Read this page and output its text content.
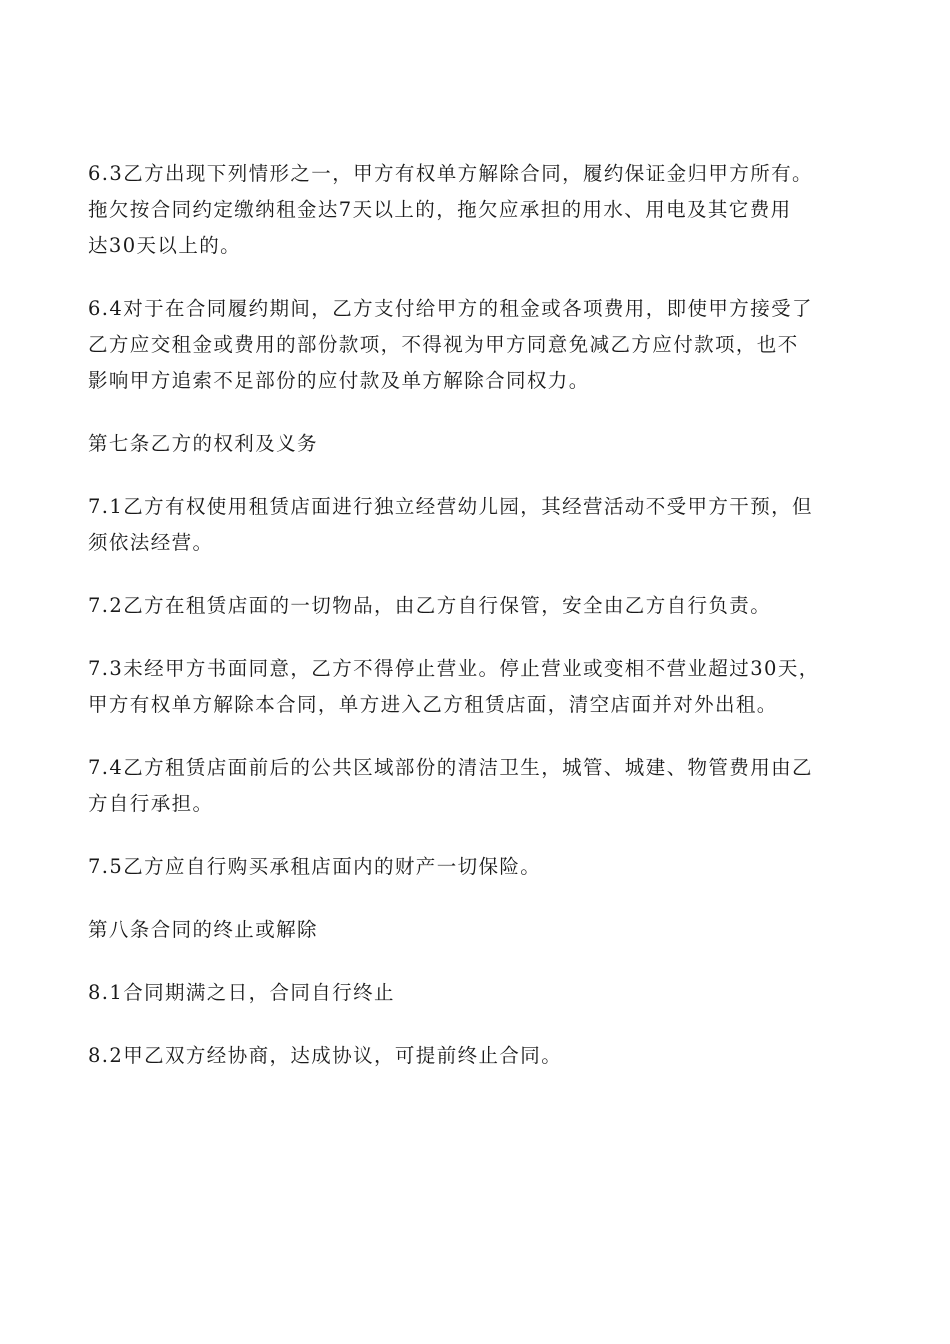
6.3乙方出现下列情形之一，甲方有权单方解除合同，履约保证金归甲方所有。
拖欠按合同约定缴纳租金达7天以上的，拖欠应承担的用水、用电及其它费用
达30天以上的。

6.4对于在合同履约期间，乙方支付给甲方的租金或各项费用，即使甲方接受了
乙方应交租金或费用的部份款项，不得视为甲方同意免减乙方应付款项，也不
影响甲方追索不足部份的应付款及单方解除合同权力。

第七条乙方的权利及义务

7.1乙方有权使用租赁店面进行独立经营幼儿园，其经营活动不受甲方干预，但
须依法经营。

7.2乙方在租赁店面的一切物品，由乙方自行保管，安全由乙方自行负责。

7.3未经甲方书面同意，乙方不得停止营业。停止营业或变相不营业超过30天，
甲方有权单方解除本合同，单方进入乙方租赁店面，清空店面并对外出租。

7.4乙方租赁店面前后的公共区域部份的清洁卫生，城管、城建、物管费用由乙
方自行承担。

7.5乙方应自行购买承租店面内的财产一切保险。

第八条合同的终止或解除

8.1合同期满之日，合同自行终止

8.2甲乙双方经协商，达成协议，可提前终止合同。
